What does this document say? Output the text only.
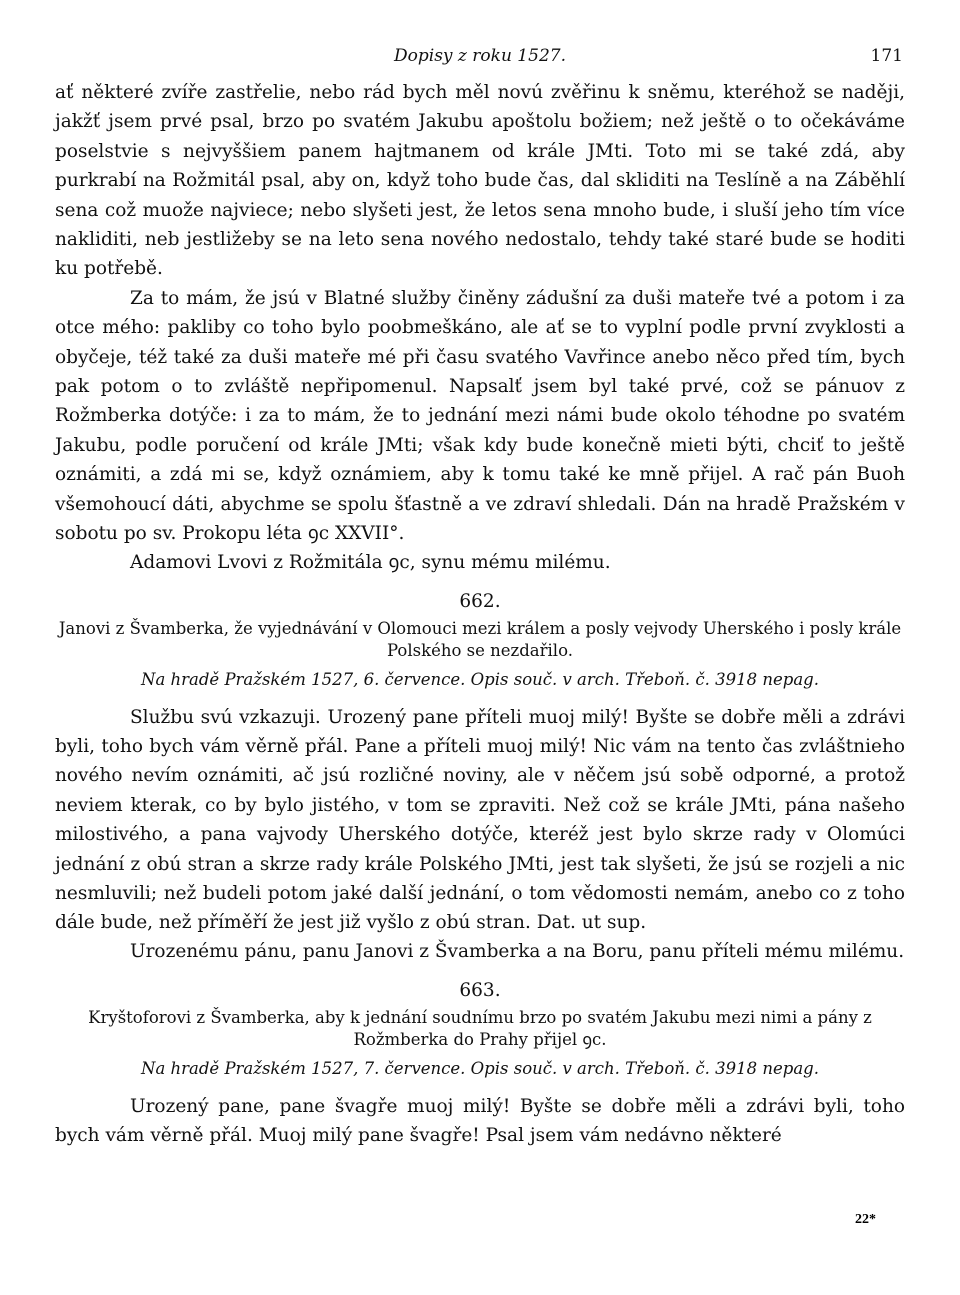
Dopisy z roku 1527.	171

ať některé zvíře zastřelie, nebo rád bych měl novú zvěřinu k sněmu, kteréhož se naději, jakžť jsem prvé psal, brzo po svatém Jakubu apoštolu božiem; než ještě o to očekáváme poselstvie s nejvyššiem panem hajtmanem od krále JMti. Toto mi se také zdá, aby purkrabí na Rožmitál psal, aby on, když toho bude čas, dal skliditi na Teslíně a na Záběhlí sena což muože najviece; nebo slyšeti jest, že letos sena mnoho bude, i sluší jeho tím více nakliditi, neb jestližeby se na leto sena nového nedostalo, tehdy také staré bude se hoditi ku potřebě.

Za to mám, že jsú v Blatné služby činěny zádušní za duši mateře tvé a potom i za otce mého: pakliby co toho bylo poobmeškáno, ale ať se to vyplní podle první zvyklosti a obyčeje, též také za duši mateře mé při času svatého Vavřince anebo něco před tím, bych pak potom o to zvláště nepřipomenul. Napsalť jsem byl také prvé, což se pánuov z Rožmberka dotýče: i za to mám, že to jednání mezi námi bude okolo téhodne po svatém Jakubu, podle poručení od krále JMti; však kdy bude konečně mieti býti, chciť to ještě oznámiti, a zdá mi se, když oznámiem, aby k tomu také ke mně přijel. A rač pán Buoh všemohoucí dáti, abychme se spolu šťastně a ve zdraví shledali. Dán na hradě Pražském v sobotu po sv. Prokopu léta ꝯc XXVII°.

Adamovi Lvovi z Rožmitála ꝯc, synu mému milému.

662.

Janovi z Švamberka, že vyjednávání v Olomouci mezi králem a posly vejvody Uherského i posly krále Polského se nezdařilo.

Na hradě Pražském 1527, 6. července. Opis souč. v arch. Třeboň. č. 3918 nepag.

Službu svú vzkazuji. Urozený pane příteli muoj milý! Byšte se dobře měli a zdrávi byli, toho bych vám věrně přál. Pane a příteli muoj milý! Nic vám na tento čas zvláštnieho nového nevím oznámiti, ač jsú rozličné noviny, ale v něčem jsú sobě odporné, a protož neviem kterak, co by bylo jistého, v tom se zpraviti. Než což se krále JMti, pána našeho milostivého, a pana vajvody Uherského dotýče, kteréž jest bylo skrze rady v Olomúci jednání z obú stran a skrze rady krále Polského JMti, jest tak slyšeti, že jsú se rozjeli a nic nesmluvili; než budeli potom jaké další jednání, o tom vědomosti nemám, anebo co z toho dále bude, než příměří že jest již vyšlo z obú stran. Dat. ut sup.

Urozenému pánu, panu Janovi z Švamberka a na Boru, panu příteli mému milému.

663.

Kryštoforovi z Švamberka, aby k jednání soudnímu brzo po svatém Jakubu mezi nimi a pány z Rožmberka do Prahy přijel ꝯc.

Na hradě Pražském 1527, 7. července. Opis souč. v arch. Třeboň. č. 3918 nepag.

Urozený pane, pane švagře muoj milý! Byšte se dobře měli a zdrávi byli, toho bych vám věrně přál. Muoj milý pane švagře! Psal jsem vám nedávno některé

22*
